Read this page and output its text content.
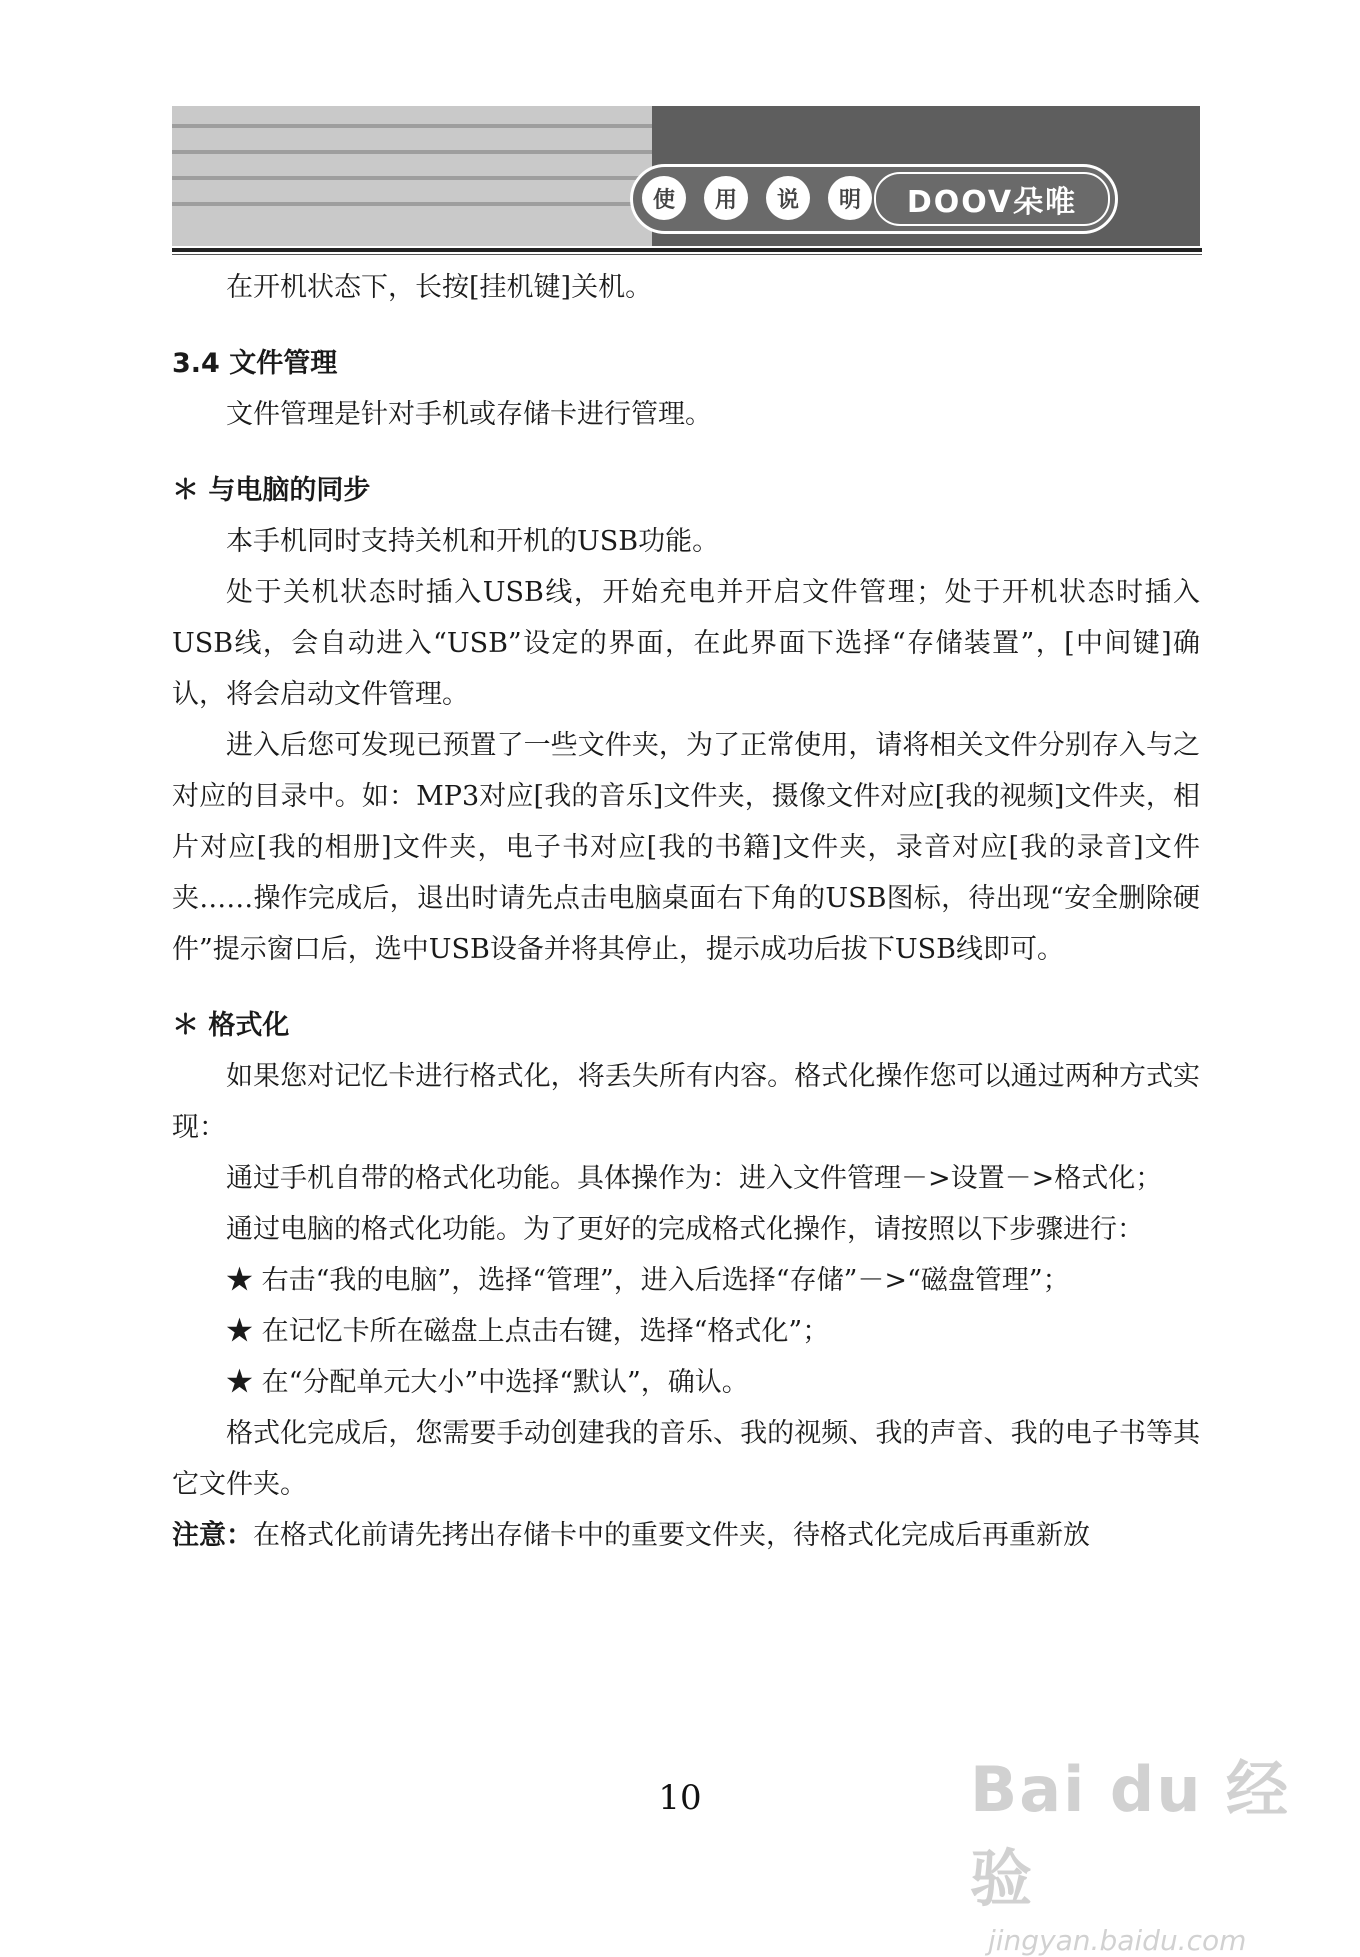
使	用	说	明	DOOV朵唯

在开机状态下，长按[挂机键]关机。

3.4 文件管理

文件管理是针对手机或存储卡进行管理。

＊ 与电脑的同步

本手机同时支持关机和开机的USB功能。

处于关机状态时插入USB线，开始充电并开启文件管理；处于开机状态时插入USB线，会自动进入“USB”设定的界面，在此界面下选择“存储装置”，[中间键]确认，将会启动文件管理。

进入后您可发现已预置了一些文件夹，为了正常使用，请将相关文件分别存入与之对应的目录中。如：MP3对应[我的音乐]文件夹，摄像文件对应[我的视频]文件夹，相片对应[我的相册]文件夹，电子书对应[我的书籍]文件夹，录音对应[我的录音]文件夹……操作完成后，退出时请先点击电脑桌面右下角的USB图标，待出现“安全删除硬件”提示窗口后，选中USB设备并将其停止，提示成功后拔下USB线即可。

＊ 格式化

如果您对记忆卡进行格式化，将丢失所有内容。格式化操作您可以通过两种方式实现：

通过手机自带的格式化功能。具体操作为：进入文件管理－>设置－>格式化；

通过电脑的格式化功能。为了更好的完成格式化操作，请按照以下步骤进行：

★ 右击“我的电脑”，选择“管理”，进入后选择“存储”－>“磁盘管理”；

★ 在记忆卡所在磁盘上点击右键，选择“格式化”；

★ 在“分配单元大小”中选择“默认”，确认。

格式化完成后，您需要手动创建我的音乐、我的视频、我的声音、我的电子书等其它文件夹。

注意：在格式化前请先拷出存储卡中的重要文件夹，待格式化完成后再重新放

10	Bai du 经验
jingyan.baidu.com
